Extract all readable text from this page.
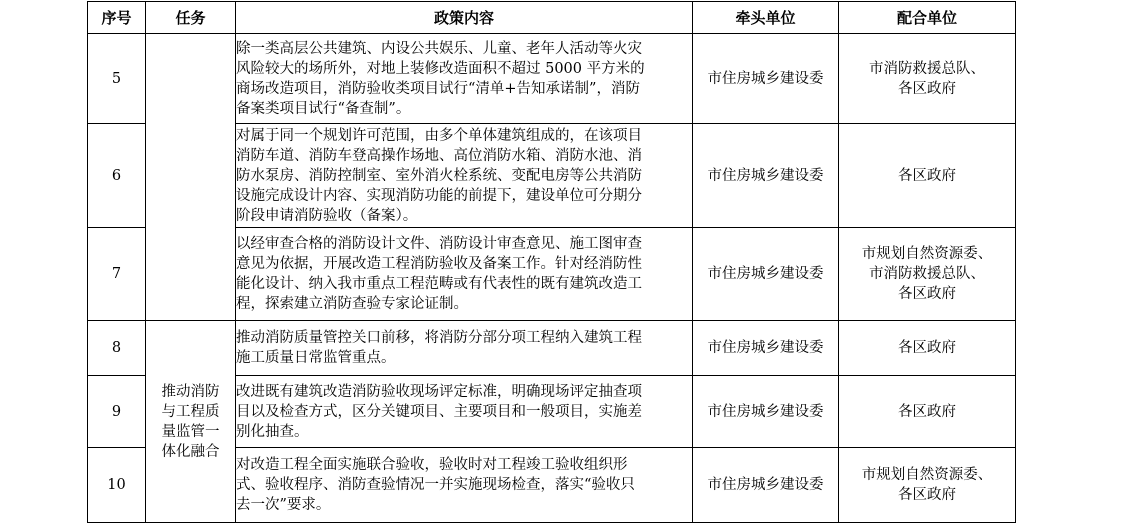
序号	任务	政策内容	牵头单位	配合单位
5		除一类高层公共建筑、内设公共娱乐、儿童、老年人活动等火灾
风险较大的场所外，对地上装修改造面积不超过 5000 平方米的
商场改造项目，消防验收类项目试行“清单+告知承诺制”，消防
备案类项目试行“备查制”。	市住房城乡建设委	市消防救援总队、
各区政府

6		对属于同一个规划许可范围，由多个单体建筑组成的，在该项目
消防车道、消防车登高操作场地、高位消防水箱、消防水池、消
防水泵房、消防控制室、室外消火栓系统、变配电房等公共消防
设施完成设计内容、实现消防功能的前提下，建设单位可分期分
阶段申请消防验收（备案）。	市住房城乡建设委	各区政府

7		以经审查合格的消防设计文件、消防设计审查意见、施工图审查
意见为依据，开展改造工程消防验收及备案工作。针对经消防性
能化设计、纳入我市重点工程范畴或有代表性的既有建筑改造工
程，探索建立消防查验专家论证制。	市住房城乡建设委	市规划自然资源委、
市消防救援总队、
各区政府

8	推动消防
与工程质
量监管一
体化融合	推动消防质量管控关口前移，将消防分部分项工程纳入建筑工程
施工质量日常监管重点。	市住房城乡建设委	各区政府

9		改进既有建筑改造消防验收现场评定标准，明确现场评定抽查项
目以及检查方式，区分关键项目、主要项目和一般项目，实施差
别化抽查。	市住房城乡建设委	各区政府

10		对改造工程全面实施联合验收，验收时对工程竣工验收组织形
式、验收程序、消防查验情况一并实施现场检查，落实“验收只
去一次”要求。	市住房城乡建设委	市规划自然资源委、
各区政府
